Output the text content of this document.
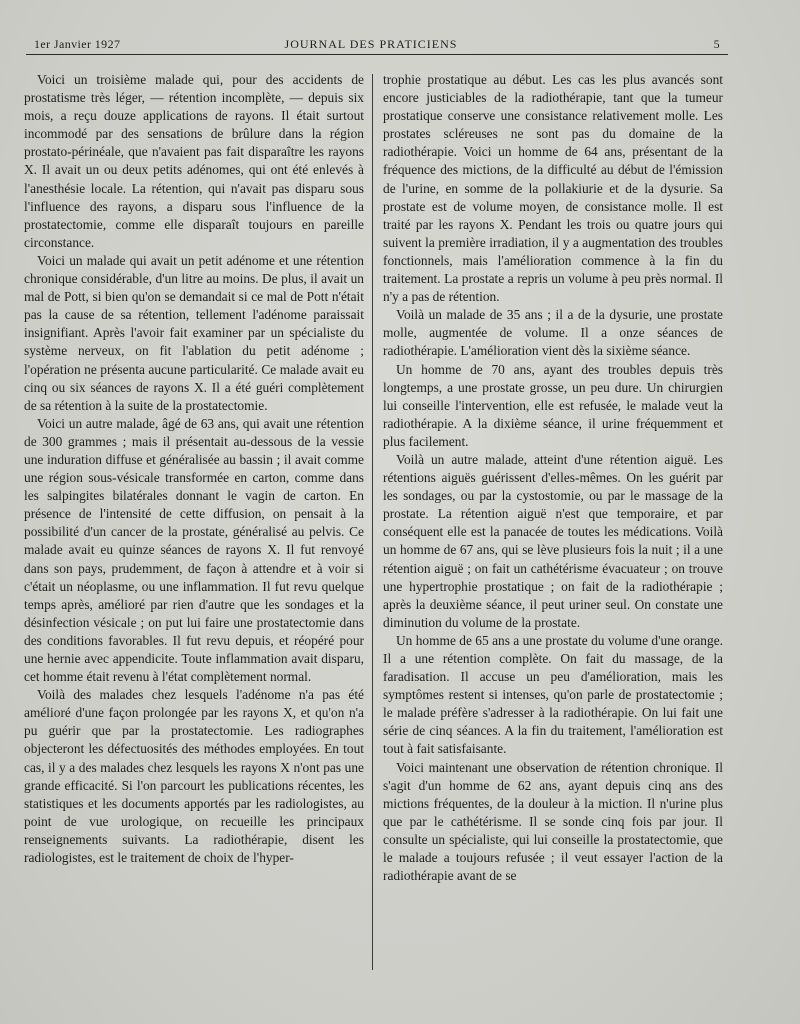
1er Janvier 1927	JOURNAL DES PRATICIENS	5

Voici un troisième malade qui, pour des accidents de prostatisme très léger, — rétention incomplète, — depuis six mois, a reçu douze applications de rayons. Il était surtout incommodé par des sensations de brûlure dans la région prostato-périnéale, que n'avaient pas fait disparaître les rayons X. Il avait un ou deux petits adénomes, qui ont été enlevés à l'anesthésie locale. La rétention, qui n'avait pas disparu sous l'influence des rayons, a disparu sous l'influence de la prostatectomie, comme elle disparaît toujours en pareille circonstance.

Voici un malade qui avait un petit adénome et une rétention chronique considérable, d'un litre au moins. De plus, il avait un mal de Pott, si bien qu'on se demandait si ce mal de Pott n'était pas la cause de sa rétention, tellement l'adénome paraissait insignifiant. Après l'avoir fait examiner par un spécialiste du système nerveux, on fit l'ablation du petit adénome ; l'opération ne présenta aucune particularité. Ce malade avait eu cinq ou six séances de rayons X. Il a été guéri complètement de sa rétention à la suite de la prostatectomie.

Voici un autre malade, âgé de 63 ans, qui avait une rétention de 300 grammes ; mais il présentait au-dessous de la vessie une induration diffuse et généralisée au bassin ; il avait comme une région sous-vésicale transformée en carton, comme dans les salpingites bilatérales donnant le vagin de carton. En présence de l'intensité de cette diffusion, on pensait à la possibilité d'un cancer de la prostate, généralisé au pelvis. Ce malade avait eu quinze séances de rayons X. Il fut renvoyé dans son pays, prudemment, de façon à attendre et à voir si c'était un néoplasme, ou une inflammation. Il fut revu quelque temps après, amélioré par rien d'autre que les sondages et la désinfection vésicale ; on put lui faire une prostatectomie dans des conditions favorables. Il fut revu depuis, et réopéré pour une hernie avec appendicite. Toute inflammation avait disparu, cet homme était revenu à l'état complètement normal.

Voilà des malades chez lesquels l'adénome n'a pas été amélioré d'une façon prolongée par les rayons X, et qu'on n'a pu guérir que par la prostatectomie. Les radiographes objecteront les défectuosités des méthodes employées. En tout cas, il y a des malades chez lesquels les rayons X n'ont pas une grande efficacité. Si l'on parcourt les publications récentes, les statistiques et les documents apportés par les radiologistes, au point de vue urologique, on recueille les principaux renseignements suivants. La radiothérapie, disent les radiologistes, est le traitement de choix de l'hyper-

trophie prostatique au début. Les cas les plus avancés sont encore justiciables de la radiothérapie, tant que la tumeur prostatique conserve une consistance relativement molle. Les prostates scléreuses ne sont pas du domaine de la radiothérapie. Voici un homme de 64 ans, présentant de la fréquence des mictions, de la difficulté au début de l'émission de l'urine, en somme de la pollakiurie et de la dysurie. Sa prostate est de volume moyen, de consistance molle. Il est traité par les rayons X. Pendant les trois ou quatre jours qui suivent la première irradiation, il y a augmentation des troubles fonctionnels, mais l'amélioration commence à la fin du traitement. La prostate a repris un volume à peu près normal. Il n'y a pas de rétention.

Voilà un malade de 35 ans ; il a de la dysurie, une prostate molle, augmentée de volume. Il a onze séances de radiothérapie. L'amélioration vient dès la sixième séance.

Un homme de 70 ans, ayant des troubles depuis très longtemps, a une prostate grosse, un peu dure. Un chirurgien lui conseille l'intervention, elle est refusée, le malade veut la radiothérapie. A la dixième séance, il urine fréquemment et plus facilement.

Voilà un autre malade, atteint d'une rétention aiguë. Les rétentions aiguës guérissent d'elles-mêmes. On les guérit par les sondages, ou par la cystostomie, ou par le massage de la prostate. La rétention aiguë n'est que temporaire, et par conséquent elle est la panacée de toutes les médications. Voilà un homme de 67 ans, qui se lève plusieurs fois la nuit ; il a une rétention aiguë ; on fait un cathétérisme évacuateur ; on trouve une hypertrophie prostatique ; on fait de la radiothérapie ; après la deuxième séance, il peut uriner seul. On constate une diminution du volume de la prostate.

Un homme de 65 ans a une prostate du volume d'une orange. Il a une rétention complète. On fait du massage, de la faradisation. Il accuse un peu d'amélioration, mais les symptômes restent si intenses, qu'on parle de prostatectomie ; le malade préfère s'adresser à la radiothérapie. On lui fait une série de cinq séances. A la fin du traitement, l'amélioration est tout à fait satisfaisante.

Voici maintenant une observation de rétention chronique. Il s'agit d'un homme de 62 ans, ayant depuis cinq ans des mictions fréquentes, de la douleur à la miction. Il n'urine plus que par le cathétérisme. Il se sonde cinq fois par jour. Il consulte un spécialiste, qui lui conseille la prostatectomie, que le malade a toujours refusée ; il veut essayer l'action de la radiothérapie avant de se
